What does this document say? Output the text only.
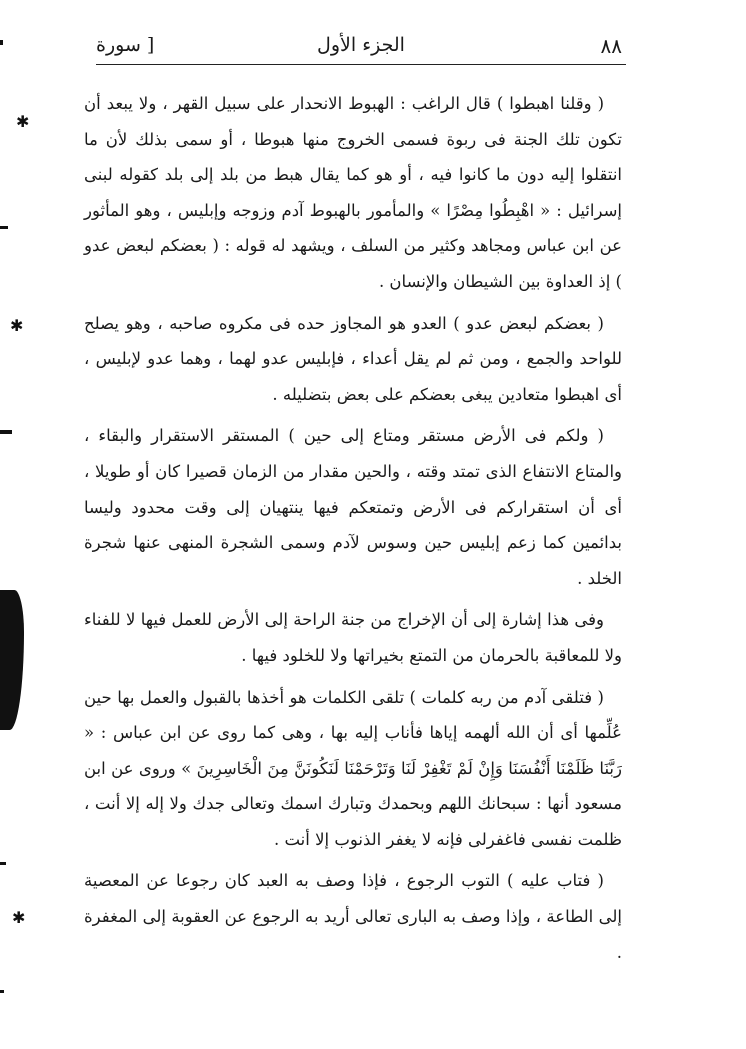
٨٨
الجزء الأول
[ سورة

( وقلنا اهبطوا ) قال الراغب : الهبوط الانحدار على سبيل القهر ، ولا يبعد أن تكون تلك الجنة فى ربوة فسمى الخروج منها هبوطا ، أو سمى بذلك لأن ما انتقلوا إليه دون ما كانوا فيه ، أو هو كما يقال هبط من بلد إلى بلد كقوله لبنى إسرائيل : « اهْبِطُوا مِصْرًا » والمأمور بالهبوط آدم وزوجه وإبليس ، وهو المأثور عن ابن عباس ومجاهد وكثير من السلف ، ويشهد له قوله : ( بعضكم لبعض عدو ) إذ العداوة بين الشيطان والإنسان .

( بعضكم لبعض عدو ) العدو هو المجاوز حده فى مكروه صاحبه ، وهو يصلح للواحد والجمع ، ومن ثم لم يقل أعداء ، فإبليس عدو لهما ، وهما عدو لإبليس ، أى اهبطوا متعادين يبغى بعضكم على بعض بتضليله .

( ولكم فى الأرض مستقر ومتاع إلى حين ) المستقر الاستقرار والبقاء ، والمتاع الانتفاع الذى تمتد وقته ، والحين مقدار من الزمان قصيرا كان أو طويلا ، أى أن استقراركم فى الأرض وتمتعكم فيها ينتهيان إلى وقت محدود وليسا بدائمين كما زعم إبليس حين وسوس لآدم وسمى الشجرة المنهى عنها شجرة الخلد .

وفى هذا إشارة إلى أن الإخراج من جنة الراحة إلى الأرض للعمل فيها لا للفناء ولا للمعاقبة بالحرمان من التمتع بخيراتها ولا للخلود فيها .

( فتلقى آدم من ربه كلمات ) تلقى الكلمات هو أخذها بالقبول والعمل بها حين عُلِّمها أى أن الله ألهمه إياها فأناب إليه بها ، وهى كما روى عن ابن عباس : « رَبَّنَا ظَلَمْنَا أَنْفُسَنَا وَإِنْ لَمْ تَغْفِرْ لَنَا وَتَرْحَمْنَا لَنَكُونَنَّ مِنَ الْخَاسِرِينَ » وروى عن ابن مسعود أنها : سبحانك اللهم وبحمدك وتبارك اسمك وتعالى جدك ولا إله إلا أنت ، ظلمت نفسى فاغفرلى فإنه لا يغفر الذنوب إلا أنت .

( فتاب عليه ) التوب الرجوع ، فإذا وصف به العبد كان رجوعا عن المعصية إلى الطاعة ، وإذا وصف به البارى تعالى أريد به الرجوع عن العقوبة إلى المغفرة .

✱
✱
✱
